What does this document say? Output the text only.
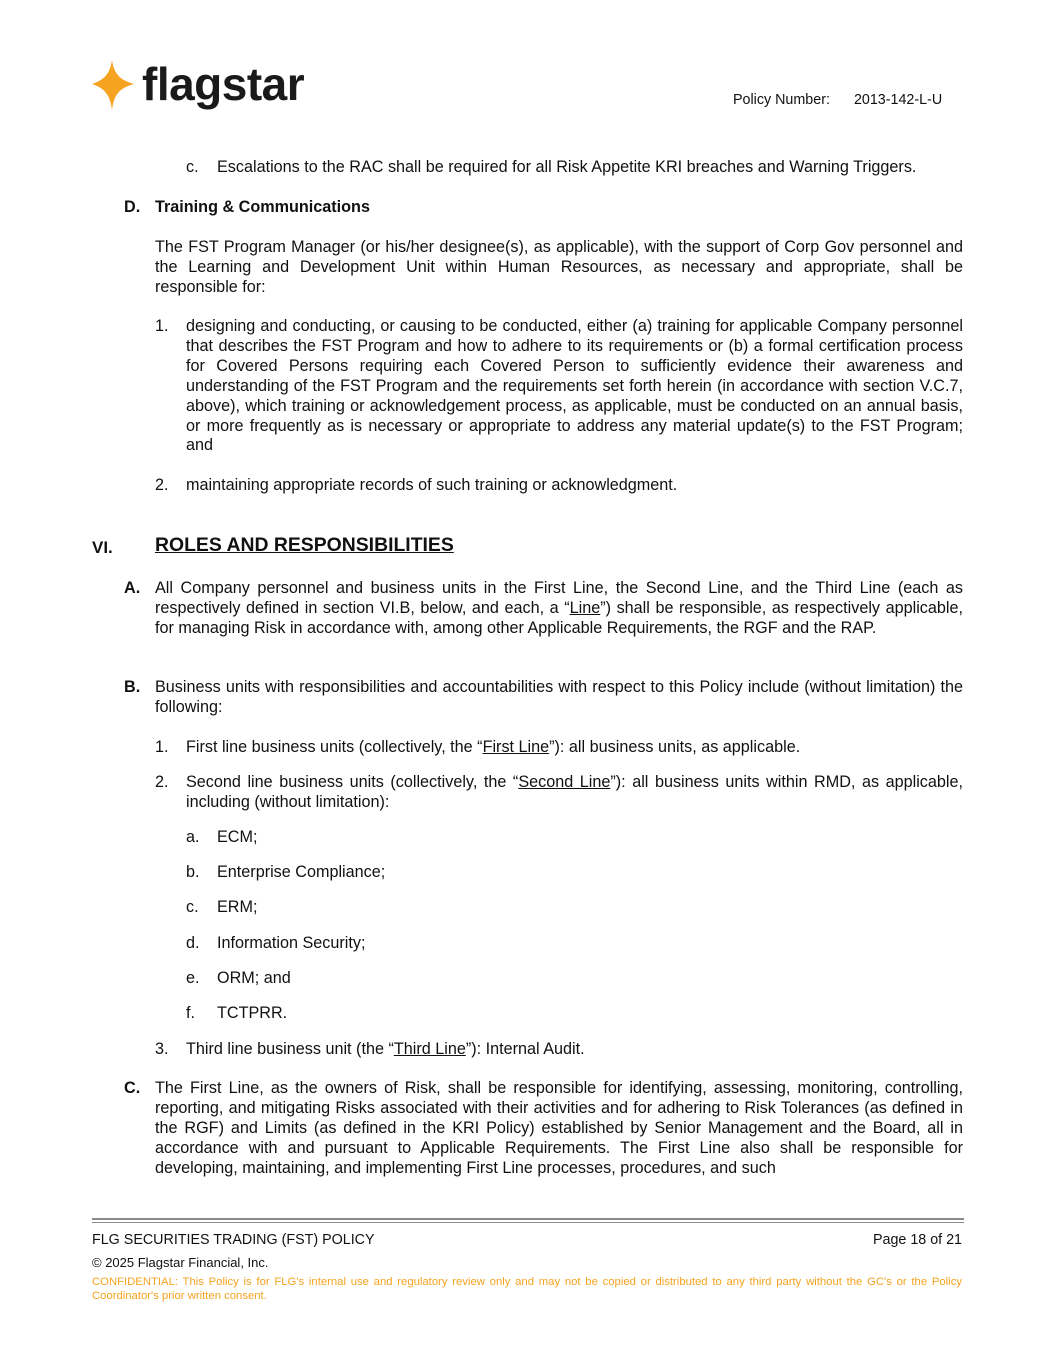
flagstar	Policy Number: 2013-142-L-U
c. Escalations to the RAC shall be required for all Risk Appetite KRI breaches and Warning Triggers.
D. Training & Communications
The FST Program Manager (or his/her designee(s), as applicable), with the support of Corp Gov personnel and the Learning and Development Unit within Human Resources, as necessary and appropriate, shall be responsible for:
1. designing and conducting, or causing to be conducted, either (a) training for applicable Company personnel that describes the FST Program and how to adhere to its requirements or (b) a formal certification process for Covered Persons requiring each Covered Person to sufficiently evidence their awareness and understanding of the FST Program and the requirements set forth herein (in accordance with section V.C.7, above), which training or acknowledgement process, as applicable, must be conducted on an annual basis, or more frequently as is necessary or appropriate to address any material update(s) to the FST Program; and
2. maintaining appropriate records of such training or acknowledgment.
VI. ROLES AND RESPONSIBILITIES
A. All Company personnel and business units in the First Line, the Second Line, and the Third Line (each as respectively defined in section VI.B, below, and each, a “Line”) shall be responsible, as respectively applicable, for managing Risk in accordance with, among other Applicable Requirements, the RGF and the RAP.
B. Business units with responsibilities and accountabilities with respect to this Policy include (without limitation) the following:
1. First line business units (collectively, the “First Line”): all business units, as applicable.
2. Second line business units (collectively, the “Second Line”): all business units within RMD, as applicable, including (without limitation):
a. ECM;
b. Enterprise Compliance;
c. ERM;
d. Information Security;
e. ORM; and
f. TCTPRR.
3. Third line business unit (the “Third Line”): Internal Audit.
C. The First Line, as the owners of Risk, shall be responsible for identifying, assessing, monitoring, controlling, reporting, and mitigating Risks associated with their activities and for adhering to Risk Tolerances (as defined in the RGF) and Limits (as defined in the KRI Policy) established by Senior Management and the Board, all in accordance with and pursuant to Applicable Requirements. The First Line also shall be responsible for developing, maintaining, and implementing First Line processes, procedures, and such
FLG SECURITIES TRADING (FST) POLICY	Page 18 of 21
© 2025 Flagstar Financial, Inc.
CONFIDENTIAL: This Policy is for FLG's internal use and regulatory review only and may not be copied or distributed to any third party without the GC's or the Policy Coordinator's prior written consent.
